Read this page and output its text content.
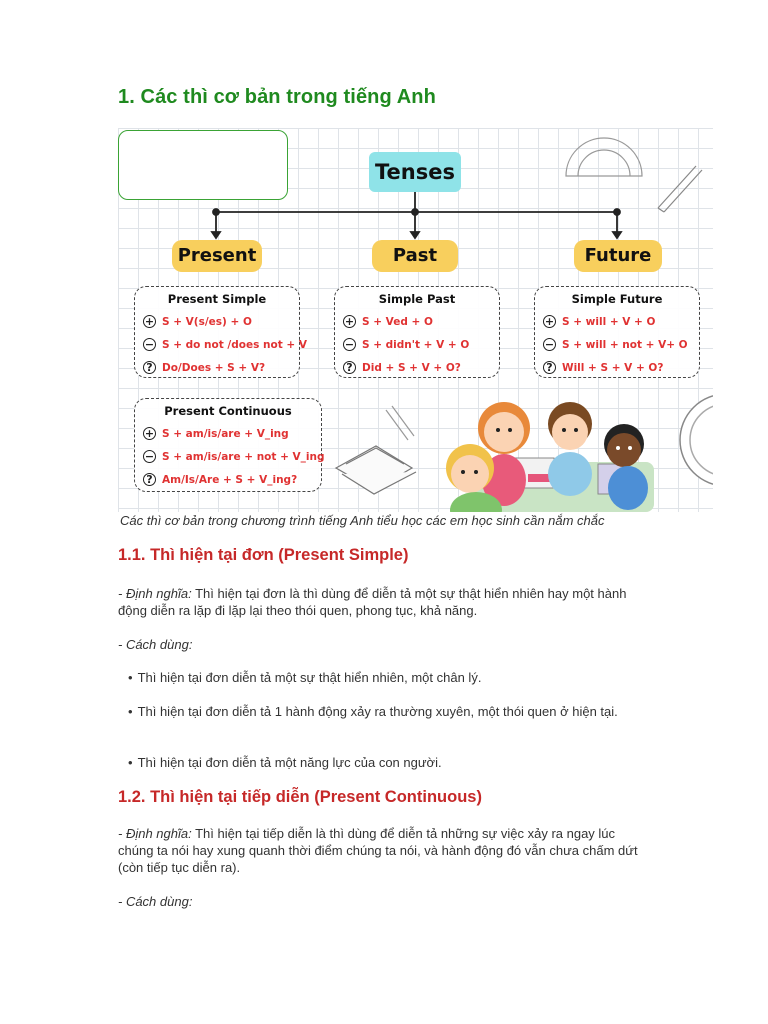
1. Các thì cơ bản trong tiếng Anh
Tenses
Present	Past	Future
Present Simple
+ S + V(s/es) + O
− S + do not /does not + V
? Do/Does + S + V?
Simple Past
+ S + Ved + O
− S + didn't + V + O
? Did + S + V + O?
Simple Future
+ S + will + V + O
− S + will + not + V+ O
? Will + S + V + O?
Present Continuous
+ S + am/is/are + V_ing
− S + am/is/are + not + V_ing
? Am/Is/Are + S + V_ing?
Các thì cơ bản trong chương trình tiếng Anh tiểu học các em học sinh cần nắm chắc
1.1. Thì hiện tại đơn (Present Simple)
- Định nghĩa: Thì hiện tại đơn là thì dùng để diễn tả một sự thật hiển nhiên hay một hành động diễn ra lặp đi lặp lại theo thói quen, phong tục, khả năng.
- Cách dùng:
• Thì hiện tại đơn diễn tả một sự thật hiển nhiên, một chân lý.
• Thì hiện tại đơn diễn tả 1 hành động xảy ra thường xuyên, một thói quen ở hiện tại.
• Thì hiện tại đơn diễn tả một năng lực của con người.
1.2. Thì hiện tại tiếp diễn (Present Continuous)
- Định nghĩa: Thì hiện tại tiếp diễn là thì dùng để diễn tả những sự việc xảy ra ngay lúc chúng ta nói hay xung quanh thời điểm chúng ta nói, và hành động đó vẫn chưa chấm dứt (còn tiếp tục diễn ra).
- Cách dùng:
